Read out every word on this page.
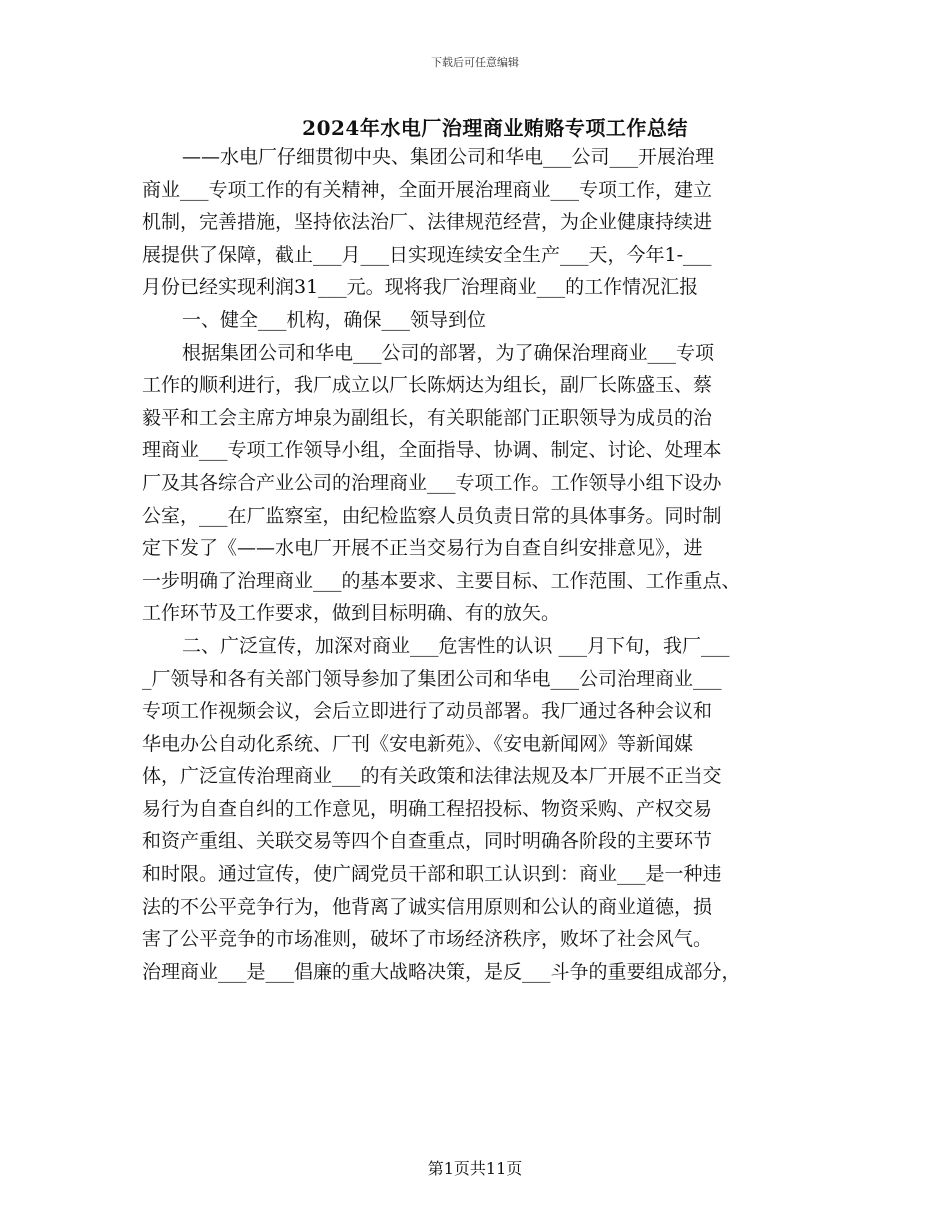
下载后可任意编辑
2024年水电厂治理商业贿赂专项工作总结
——水电厂仔细贯彻中央、集团公司和华电___公司___开展治理
商业___专项工作的有关精神，全面开展治理商业___专项工作，建立
机制，完善措施，坚持依法治厂、法律规范经营，为企业健康持续进
展提供了保障，截止___月___日实现连续安全生产___天，今年1-___
月份已经实现利润31___元。现将我厂治理商业___的工作情况汇报
一、健全___机构，确保___领导到位
根据集团公司和华电___公司的部署，为了确保治理商业___专项
工作的顺利进行，我厂成立以厂长陈炳达为组长，副厂长陈盛玉、蔡
毅平和工会主席方坤泉为副组长，有关职能部门正职领导为成员的治
理商业___专项工作领导小组，全面指导、协调、制定、讨论、处理本
厂及其各综合产业公司的治理商业___专项工作。工作领导小组下设办
公室，___在厂监察室，由纪检监察人员负责日常的具体事务。同时制
定下发了《——水电厂开展不正当交易行为自查自纠安排意见》，进
一步明确了治理商业___的基本要求、主要目标、工作范围、工作重点、
工作环节及工作要求，做到目标明确、有的放矢。
二、广泛宣传，加深对商业___危害性的认识 ___月下旬，我厂___
_厂领导和各有关部门领导参加了集团公司和华电___公司治理商业___
专项工作视频会议，会后立即进行了动员部署。我厂通过各种会议和
华电办公自动化系统、厂刊《安电新苑》、《安电新闻网》等新闻媒
体，广泛宣传治理商业___的有关政策和法律法规及本厂开展不正当交
易行为自查自纠的工作意见，明确工程招投标、物资采购、产权交易
和资产重组、关联交易等四个自查重点，同时明确各阶段的主要环节
和时限。通过宣传，使广阔党员干部和职工认识到：商业___是一种违
法的不公平竞争行为，他背离了诚实信用原则和公认的商业道德，损
害了公平竞争的市场准则，破坏了市场经济秩序，败坏了社会风气。
治理商业___是___倡廉的重大战略决策，是反___斗争的重要组成部分，
第1页共11页
